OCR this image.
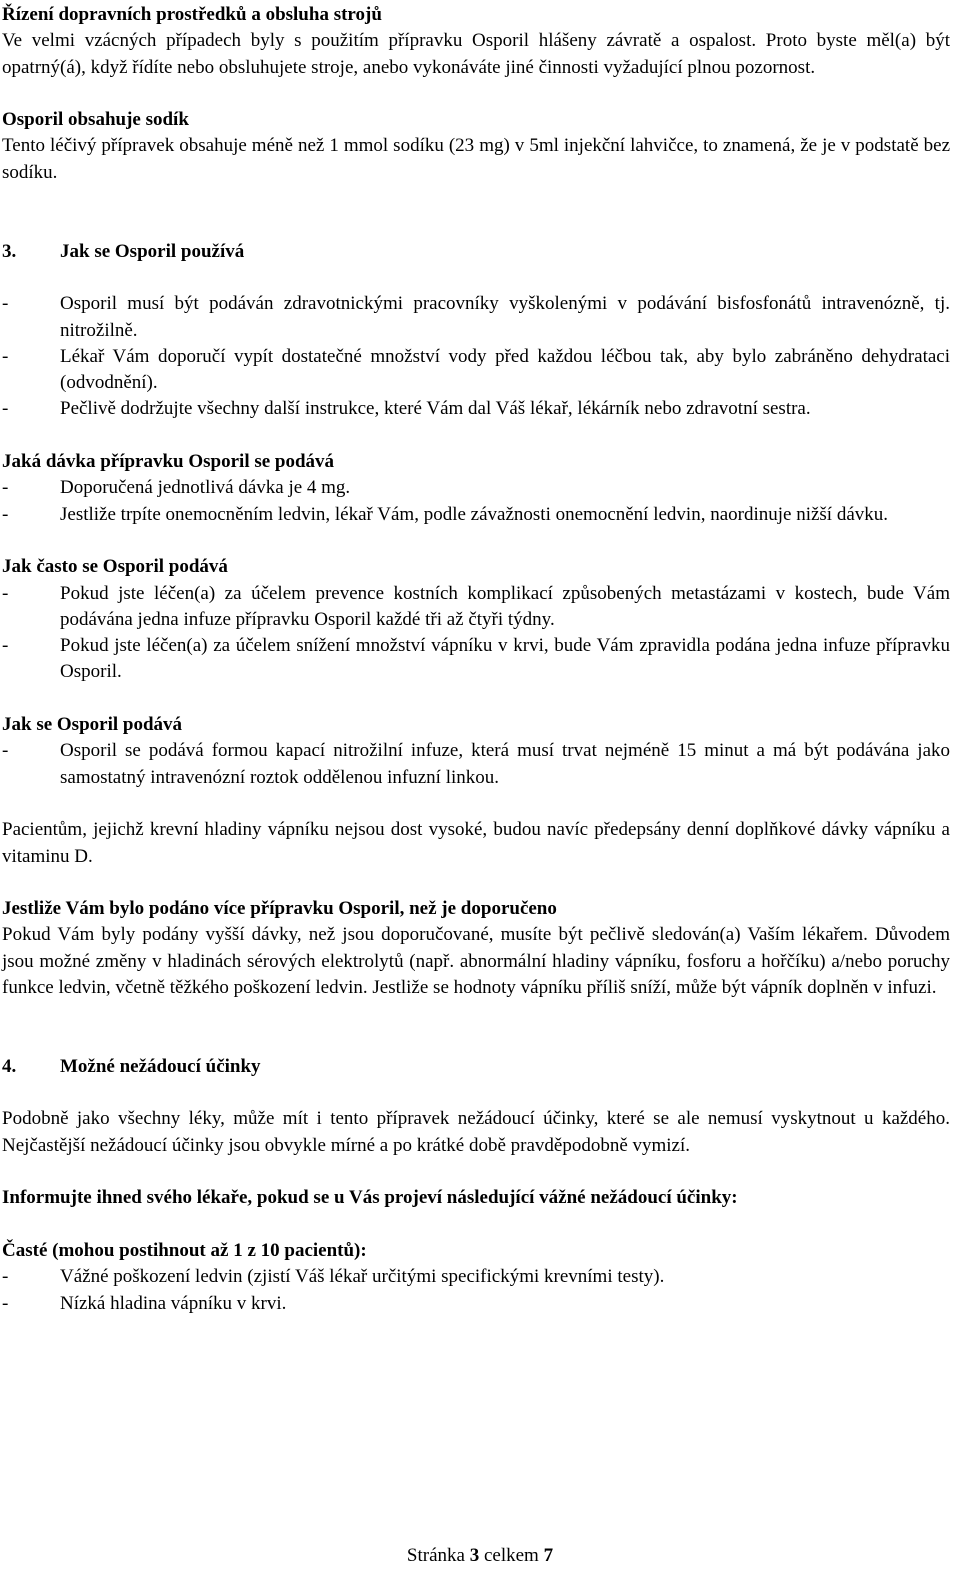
Řízení dopravních prostředků a obsluha strojů

Ve velmi vzácných případech byly s použitím přípravku Osporil hlášeny závratě a ospalost. Proto byste měl(a) být opatrný(á), když řídíte nebo obsluhujete stroje, anebo vykonáváte jiné činnosti vyžadující plnou pozornost.

Osporil obsahuje sodík

Tento léčivý přípravek obsahuje méně než 1 mmol sodíku (23 mg) v 5ml injekční lahvičce, to znamená, že je v podstatě bez sodíku.

3. Jak se Osporil používá

- Osporil musí být podáván zdravotnickými pracovníky vyškolenými v podávání bisfosfonátů intravenózně, tj. nitrožilně.
- Lékař Vám doporučí vypít dostatečné množství vody před každou léčbou tak, aby bylo zabráněno dehydrataci (odvodnění).
- Pečlivě dodržujte všechny další instrukce, které Vám dal Váš lékař, lékárník nebo zdravotní sestra.

Jaká dávka přípravku Osporil se podává

- Doporučená jednotlivá dávka je 4 mg.
- Jestliže trpíte onemocněním ledvin, lékař Vám, podle závažnosti onemocnění ledvin, naordinuje nižší dávku.

Jak často se Osporil podává

- Pokud jste léčen(a) za účelem prevence kostních komplikací způsobených metastázami v kostech, bude Vám podávána jedna infuze přípravku Osporil každé tři až čtyři týdny.
- Pokud jste léčen(a) za účelem snížení množství vápníku v krvi, bude Vám zpravidla podána jedna infuze přípravku Osporil.

Jak se Osporil podává

- Osporil se podává formou kapací nitrožilní infuze, která musí trvat nejméně 15 minut a má být podávána jako samostatný intravenózní roztok oddělenou infuzní linkou.

Pacientům, jejichž krevní hladiny vápníku nejsou dost vysoké, budou navíc předepsány denní doplňkové dávky vápníku a vitaminu D.

Jestliže Vám bylo podáno více přípravku Osporil, než je doporučeno

Pokud Vám byly podány vyšší dávky, než jsou doporučované, musíte být pečlivě sledován(a) Vaším lékařem. Důvodem jsou možné změny v hladinách sérových elektrolytů (např. abnormální hladiny vápníku, fosforu a hořčíku) a/nebo poruchy funkce ledvin, včetně těžkého poškození ledvin. Jestliže se hodnoty vápníku příliš sníží, může být vápník doplněn v infuzi.

4. Možné nežádoucí účinky

Podobně jako všechny léky, může mít i tento přípravek nežádoucí účinky, které se ale nemusí vyskytnout u každého. Nejčastější nežádoucí účinky jsou obvykle mírné a po krátké době pravděpodobně vymizí.

Informujte ihned svého lékaře, pokud se u Vás projeví následující vážné nežádoucí účinky:

Časté (mohou postihnout až 1 z 10 pacientů):

- Vážné poškození ledvin (zjistí Váš lékař určitými specifickými krevními testy).
- Nízká hladina vápníku v krvi.
Stránka 3 celkem 7
